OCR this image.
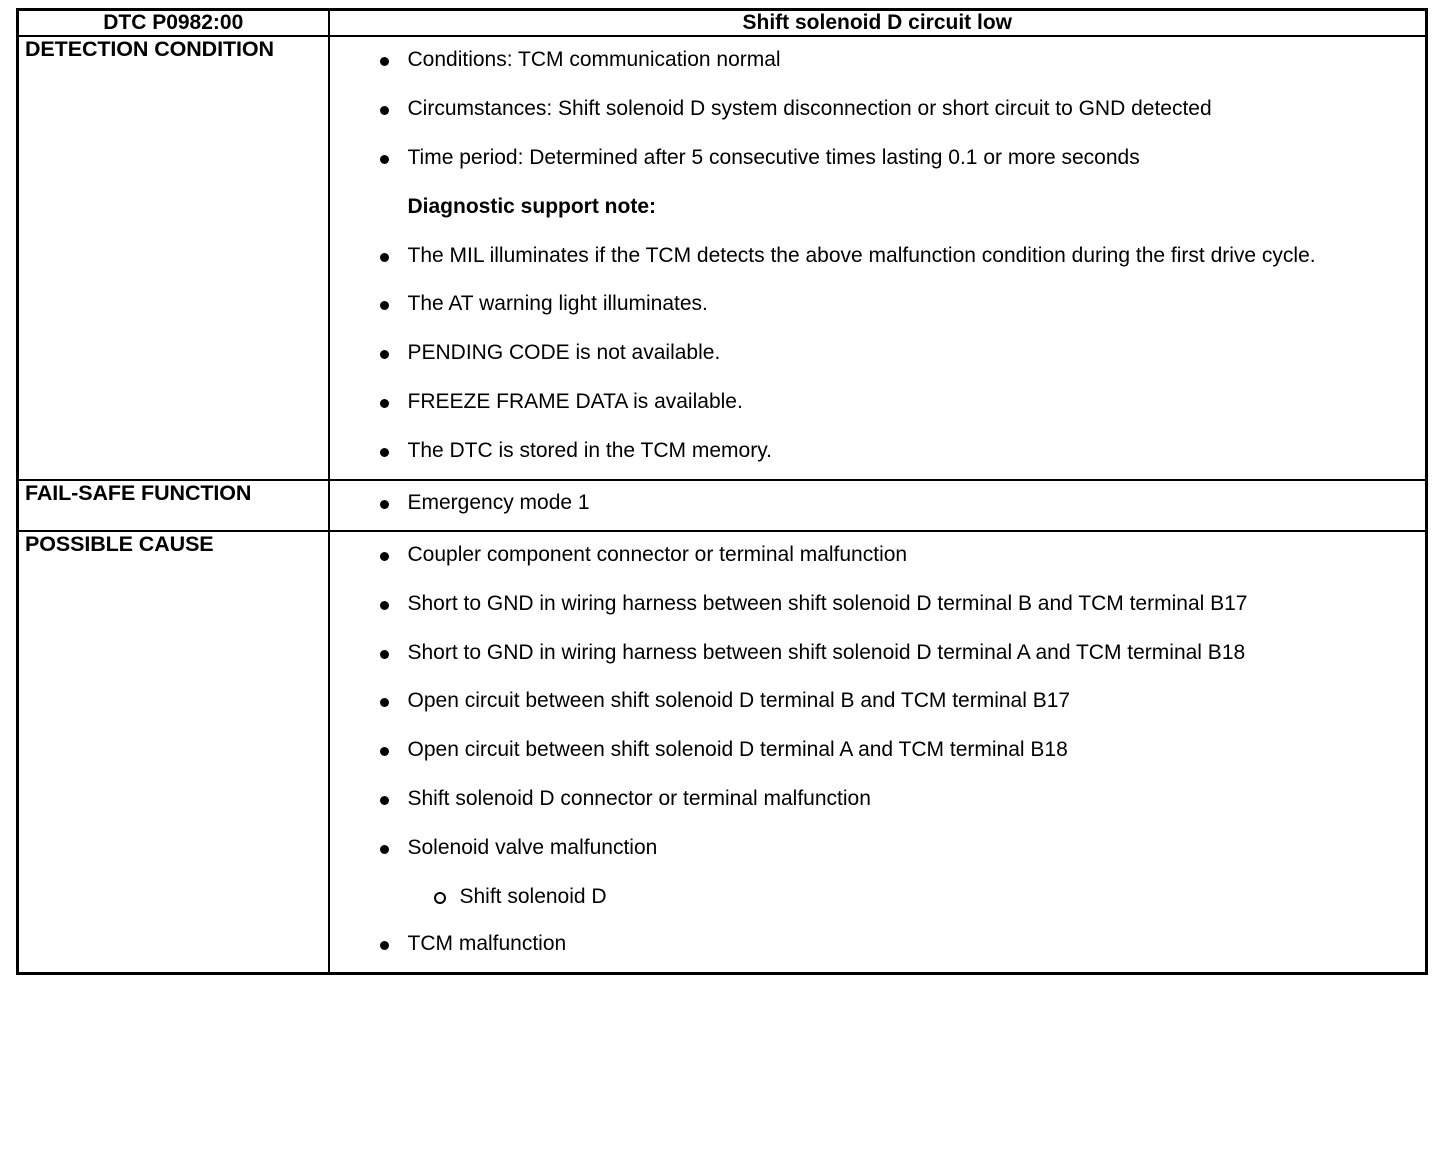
DTC P0982:00	Shift solenoid D circuit low

DETECTION CONDITION	Conditions: TCM communication normal
Circumstances: Shift solenoid D system disconnection or short circuit to GND detected
Time period: Determined after 5 consecutive times lasting 0.1 or more seconds
Diagnostic support note:
The MIL illuminates if the TCM detects the above malfunction condition during the first drive cycle.
The AT warning light illuminates.
PENDING CODE is not available.
FREEZE FRAME DATA is available.
The DTC is stored in the TCM memory.

FAIL-SAFE FUNCTION	Emergency mode 1

POSSIBLE CAUSE	Coupler component connector or terminal malfunction
Short to GND in wiring harness between shift solenoid D terminal B and TCM terminal B17
Short to GND in wiring harness between shift solenoid D terminal A and TCM terminal B18
Open circuit between shift solenoid D terminal B and TCM terminal B17
Open circuit between shift solenoid D terminal A and TCM terminal B18
Shift solenoid D connector or terminal malfunction
Solenoid valve malfunction
Shift solenoid D
TCM malfunction
